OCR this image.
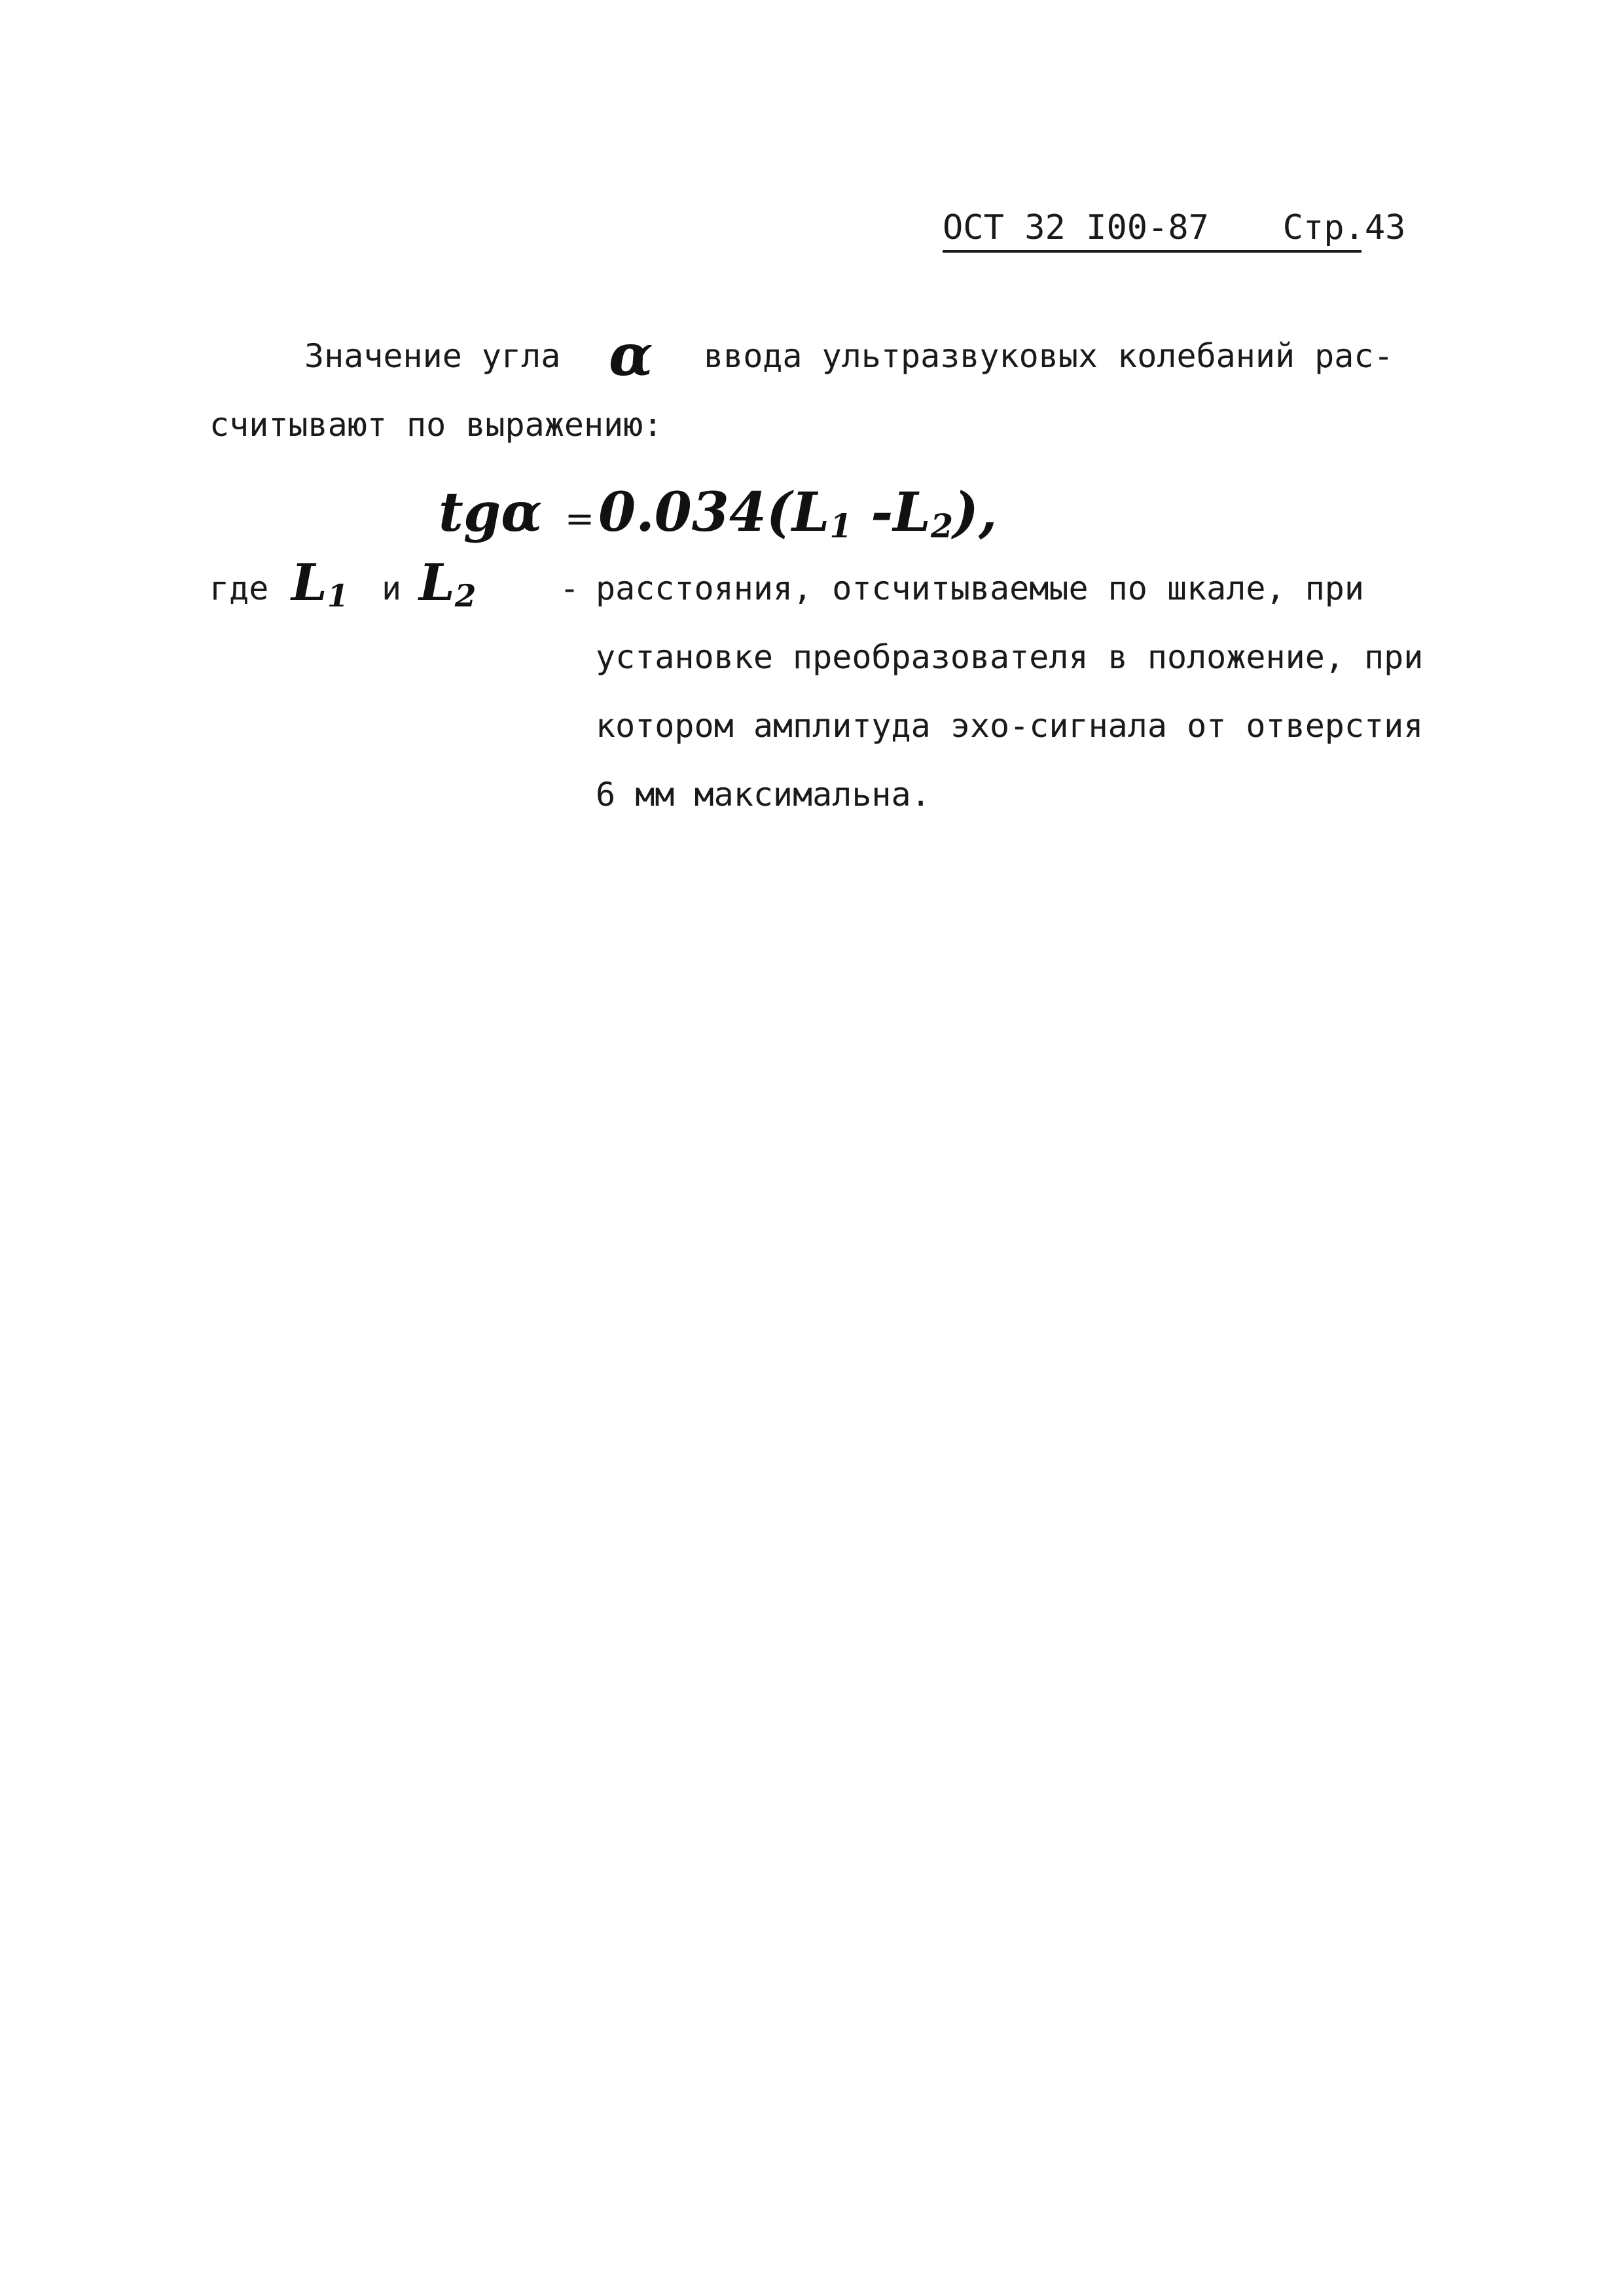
ОСТ 32 I00-87 Стр.43
Значение угла α ввода ультразвуковых колебаний рас-
считывают по выражению:
tgα =0.034(L1 -L2),
где $L_1$ и $L_2$	- расстояния, отсчитываемые по шкале, при
установке преобразователя в положение, при
котором амплитуда эхо-сигнала от отверстия
6 мм максимальна.
